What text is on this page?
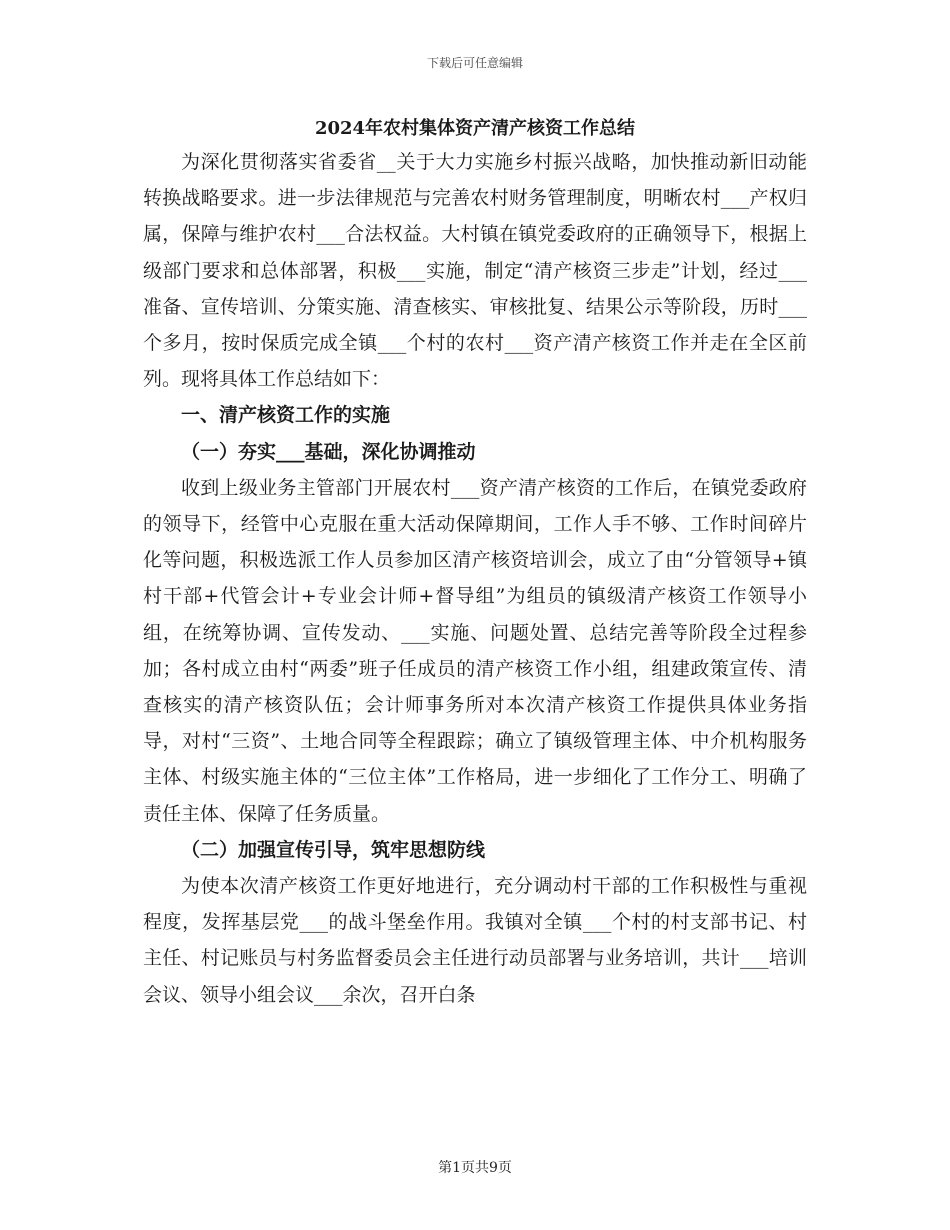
下载后可任意编辑
2024年农村集体资产清产核资工作总结

为深化贯彻落实省委省__关于大力实施乡村振兴战略，加快推动新旧动能转换战略要求。进一步法律规范与完善农村财务管理制度，明晰农村___产权归属，保障与维护农村___合法权益。大村镇在镇党委政府的正确领导下，根据上级部门要求和总体部署，积极___实施，制定“清产核资三步走”计划，经过___准备、宣传培训、分策实施、清查核实、审核批复、结果公示等阶段，历时___个多月，按时保质完成全镇___个村的农村___资产清产核资工作并走在全区前列。现将具体工作总结如下：

一、清产核资工作的实施
（一）夯实___基础，深化协调推动

收到上级业务主管部门开展农村___资产清产核资的工作后，在镇党委政府的领导下，经管中心克服在重大活动保障期间，工作人手不够、工作时间碎片化等问题，积极选派工作人员参加区清产核资培训会，成立了由“分管领导+镇村干部+代管会计+专业会计师+督导组”为组员的镇级清产核资工作领导小组，在统筹协调、宣传发动、___实施、问题处置、总结完善等阶段全过程参加；各村成立由村“两委”班子任成员的清产核资工作小组，组建政策宣传、清查核实的清产核资队伍；会计师事务所对本次清产核资工作提供具体业务指导，对村“三资”、土地合同等全程跟踪；确立了镇级管理主体、中介机构服务主体、村级实施主体的“三位主体”工作格局，进一步细化了工作分工、明确了责任主体、保障了任务质量。

（二）加强宣传引导，筑牢思想防线

为使本次清产核资工作更好地进行，充分调动村干部的工作积极性与重视程度，发挥基层党___的战斗堡垒作用。我镇对全镇___个村的村支部书记、村主任、村记账员与村务监督委员会主任进行动员部署与业务培训，共计___培训会议、领导小组会议___余次，召开白条

第1页共9页
